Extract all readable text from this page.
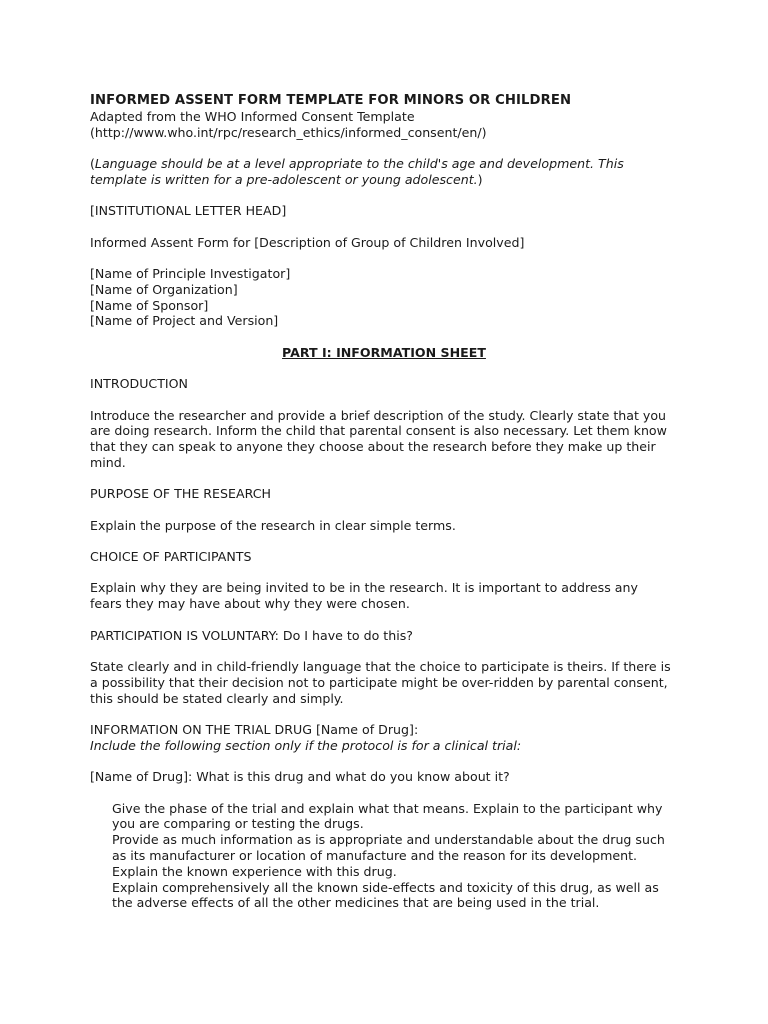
INFORMED ASSENT FORM TEMPLATE FOR MINORS OR CHILDREN

Adapted from the WHO Informed Consent Template

(http://www.who.int/rpc/research_ethics/informed_consent/en/)

(Language should be at a level appropriate to the child's age and development. This

template is written for a pre-adolescent or young adolescent.)

[INSTITUTIONAL LETTER HEAD]

Informed Assent Form for [Description of Group of Children Involved]

[Name of Principle Investigator]

[Name of Organization]

[Name of Sponsor]

[Name of Project and Version]

PART I: INFORMATION SHEET

INTRODUCTION

Introduce the researcher and provide a brief description of the study. Clearly state that you

are doing research. Inform the child that parental consent is also necessary. Let them know

that they can speak to anyone they choose about the research before they make up their

mind.

PURPOSE OF THE RESEARCH

Explain the purpose of the research in clear simple terms.

CHOICE OF PARTICIPANTS

Explain why they are being invited to be in the research. It is important to address any

fears they may have about why they were chosen.

PARTICIPATION IS VOLUNTARY: Do I have to do this?

State clearly and in child-friendly language that the choice to participate is theirs. If there is

a possibility that their decision not to participate might be over-ridden by parental consent,

this should be stated clearly and simply.

INFORMATION ON THE TRIAL DRUG [Name of Drug]:

Include the following section only if the protocol is for a clinical trial:

[Name of Drug]: What is this drug and what do you know about it?

Give the phase of the trial and explain what that means. Explain to the participant why

you are comparing or testing the drugs.

Provide as much information as is appropriate and understandable about the drug such

as its manufacturer or location of manufacture and the reason for its development.

Explain the known experience with this drug.

Explain comprehensively all the known side-effects and toxicity of this drug, as well as

the adverse effects of all the other medicines that are being used in the trial.
